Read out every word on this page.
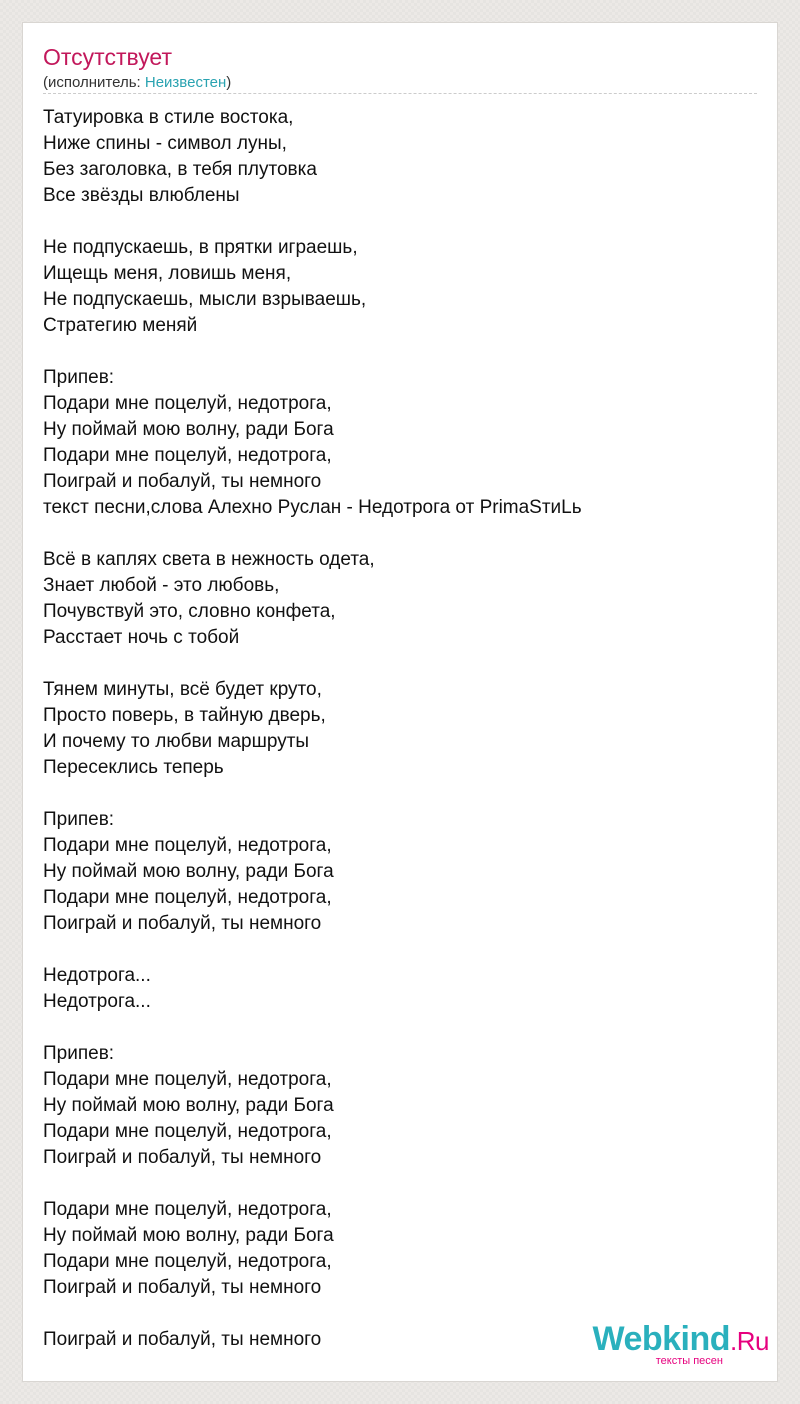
Отсутствует
(исполнитель: Неизвестен)
Татуировка в стиле востока,
Ниже спины - символ луны,
Без заголовка, в тебя плутовка
Все звёзды влюблены
Не подпускаешь, в прятки играешь,
Ищещь меня, ловишь меня,
Не подпускаешь, мысли взрываешь,
Стратегию меняй
Припев:
Подари мне поцелуй, недотрога,
Ну поймай мою волну, ради Бога
Подари мне поцелуй, недотрога,
Поиграй и побалуй, ты немного
текст песни,слова Алехно Руслан - Недотрога от PrimaSтиLь
Всё в каплях света в нежность одета,
Знает любой - это любовь,
Почувствуй это, словно конфета,
Расстает ночь с тобой
Тянем минуты, всё будет круто,
Просто поверь, в тайную дверь,
И почему то любви маршруты
Пересеклись теперь
Припев:
Подари мне поцелуй, недотрога,
Ну поймай мою волну, ради Бога
Подари мне поцелуй, недотрога,
Поиграй и побалуй, ты немного
Недотрога...
Недотрога...
Припев:
Подари мне поцелуй, недотрога,
Ну поймай мою волну, ради Бога
Подари мне поцелуй, недотрога,
Поиграй и побалуй, ты немного
Подари мне поцелуй, недотрога,
Ну поймай мою волну, ради Бога
Подари мне поцелуй, недотрога,
Поиграй и побалуй, ты немного
Поиграй и побалуй, ты немного	Webkind.Ru
тексты песен
